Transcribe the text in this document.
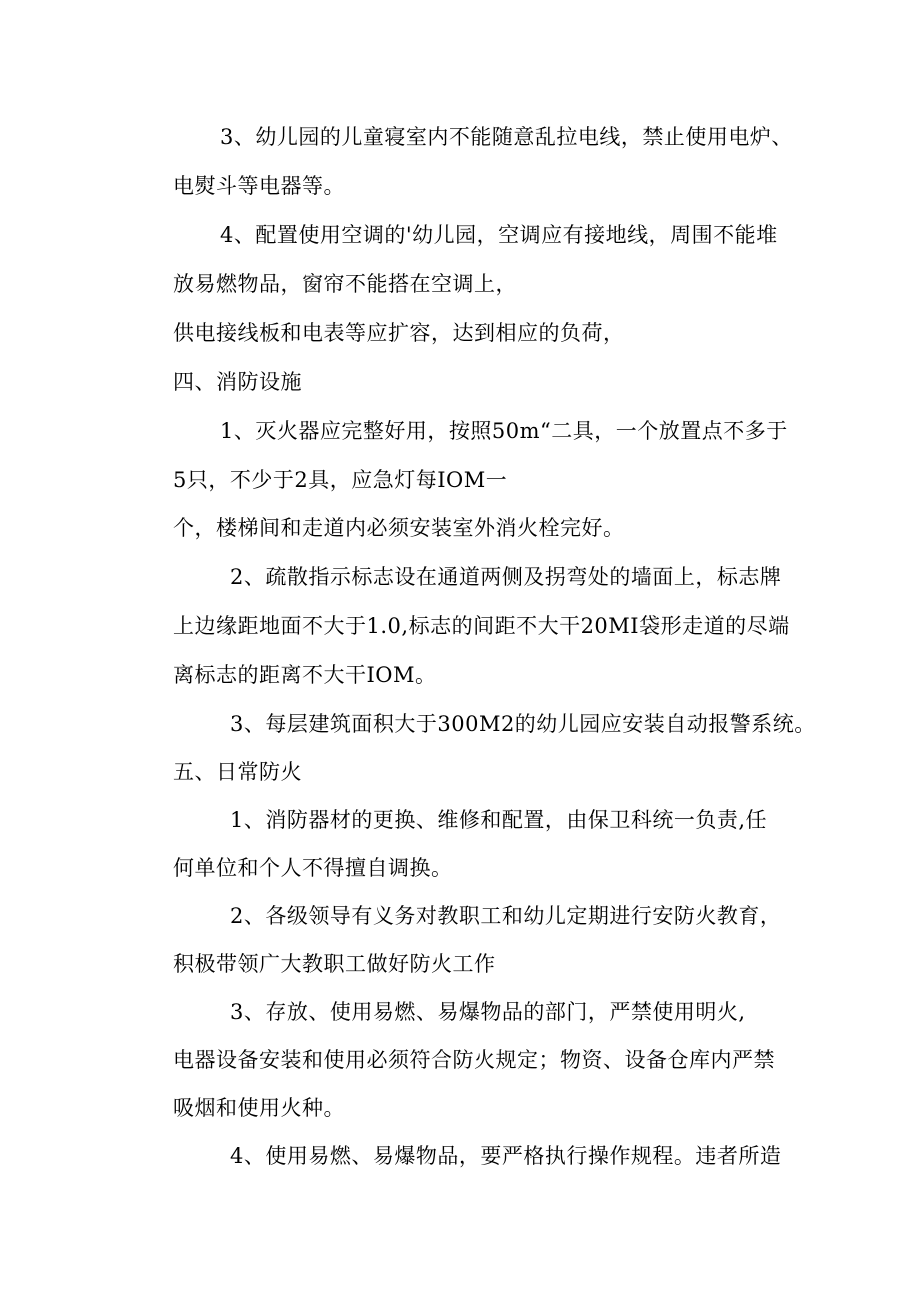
3、幼儿园的儿童寝室内不能随意乱拉电线，禁止使用电炉、
电熨斗等电器等。
4、配置使用空调的'幼儿园，空调应有接地线，周围不能堆
放易燃物品，窗帘不能搭在空调上，
供电接线板和电表等应扩容，达到相应的负荷，
四、消防设施
1、灭火器应完整好用，按照50m“二具，一个放置点不多于
5只，不少于2具，应急灯每IOM一
个，楼梯间和走道内必须安装室外消火栓完好。
2、疏散指示标志设在通道两侧及拐弯处的墙面上，标志牌
上边缘距地面不大于1.0,标志的间距不大干20MI袋形走道的尽端
离标志的距离不大干IOM。
3、每层建筑面积大于300M2的幼儿园应安装自动报警系统。
五、日常防火
1、消防器材的更换、维修和配置，由保卫科统一负责,任
何单位和个人不得擅自调换。
2、各级领导有义务对教职工和幼儿定期进行安防火教育，
积极带领广大教职工做好防火工作
3、存放、使用易燃、易爆物品的部门，严禁使用明火,
电器设备安装和使用必须符合防火规定；物资、设备仓库内严禁
吸烟和使用火种。
4、使用易燃、易爆物品，要严格执行操作规程。违者所造
